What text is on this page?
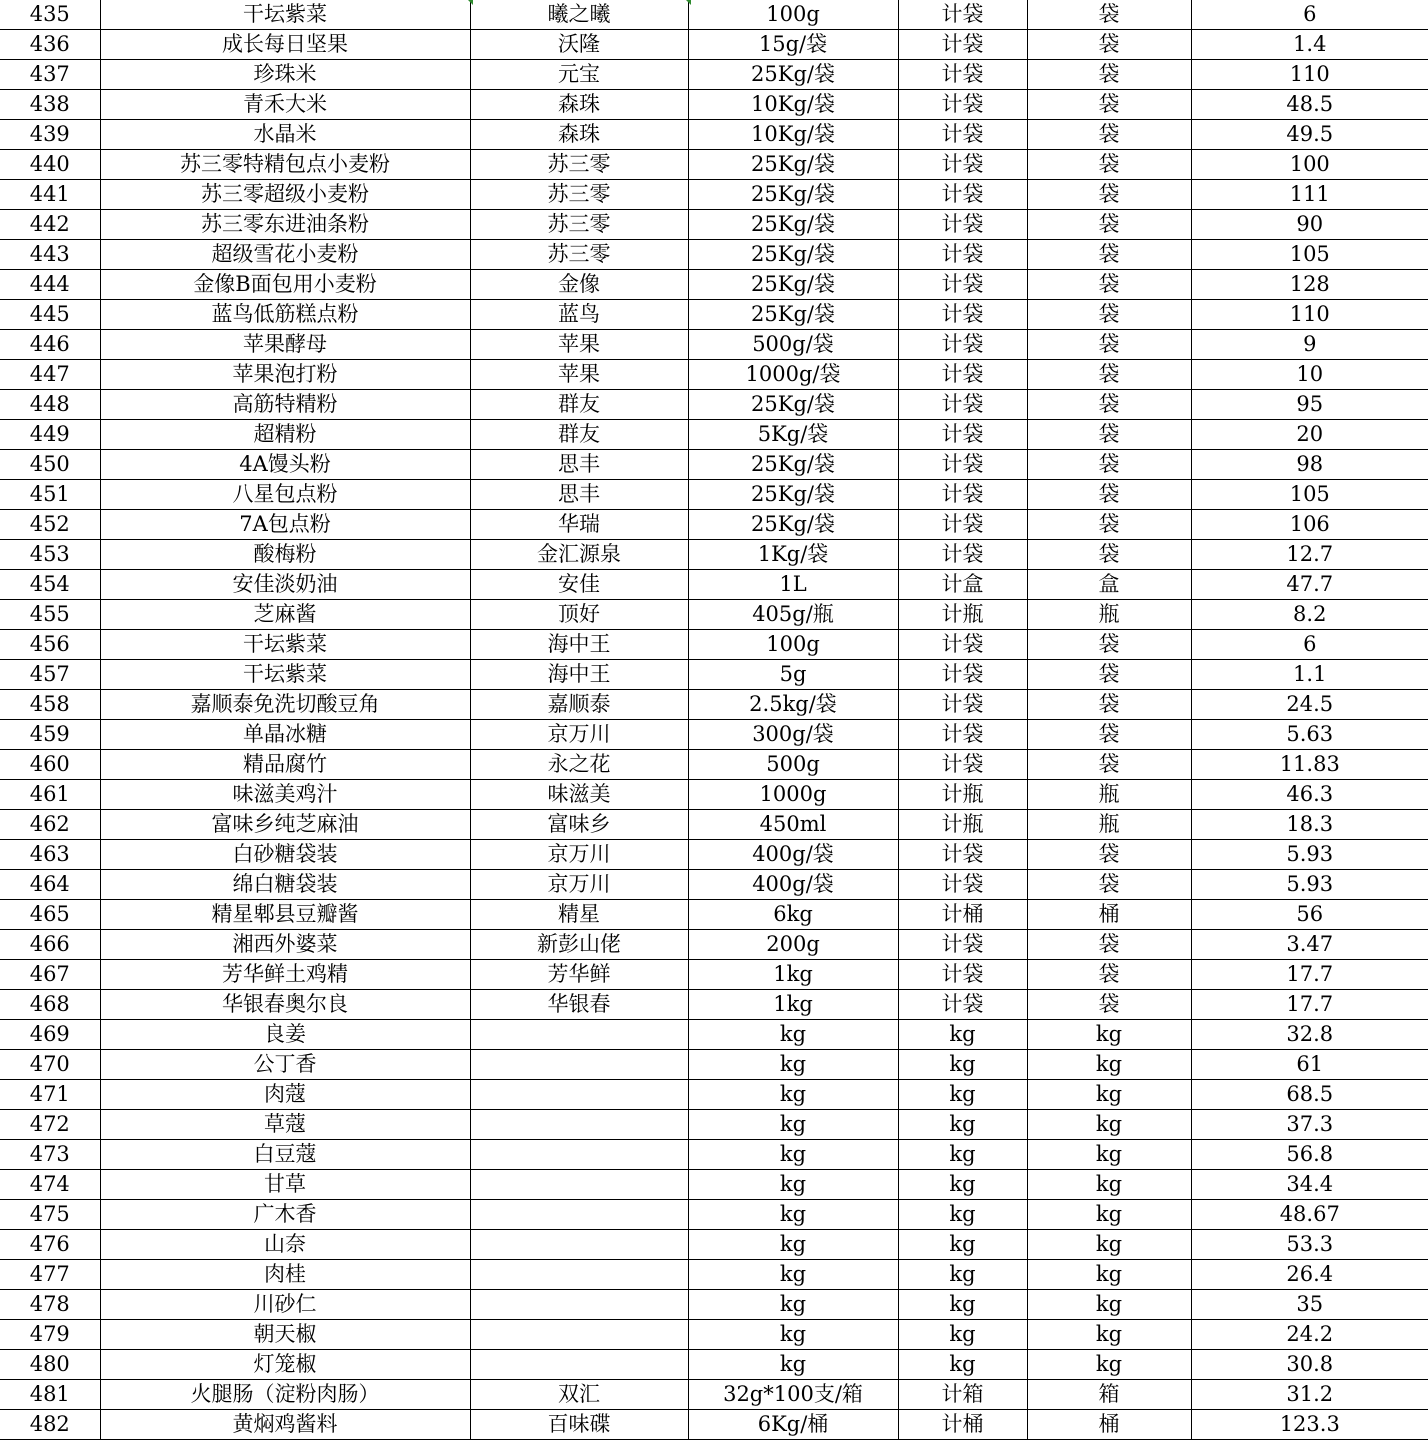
435	干坛紫菜	曦之曦	100g	计袋	袋	6
436	成长每日坚果	沃隆	15g/袋	计袋	袋	1.4
437	珍珠米	元宝	25Kg/袋	计袋	袋	110
438	青禾大米	森珠	10Kg/袋	计袋	袋	48.5
439	水晶米	森珠	10Kg/袋	计袋	袋	49.5
440	苏三零特精包点小麦粉	苏三零	25Kg/袋	计袋	袋	100
441	苏三零超级小麦粉	苏三零	25Kg/袋	计袋	袋	111
442	苏三零东进油条粉	苏三零	25Kg/袋	计袋	袋	90
443	超级雪花小麦粉	苏三零	25Kg/袋	计袋	袋	105
444	金像B面包用小麦粉	金像	25Kg/袋	计袋	袋	128
445	蓝鸟低筋糕点粉	蓝鸟	25Kg/袋	计袋	袋	110
446	苹果酵母	苹果	500g/袋	计袋	袋	9
447	苹果泡打粉	苹果	1000g/袋	计袋	袋	10
448	高筋特精粉	群友	25Kg/袋	计袋	袋	95
449	超精粉	群友	5Kg/袋	计袋	袋	20
450	4A馒头粉	思丰	25Kg/袋	计袋	袋	98
451	八星包点粉	思丰	25Kg/袋	计袋	袋	105
452	7A包点粉	华瑞	25Kg/袋	计袋	袋	106
453	酸梅粉	金汇源泉	1Kg/袋	计袋	袋	12.7
454	安佳淡奶油	安佳	1L	计盒	盒	47.7
455	芝麻酱	顶好	405g/瓶	计瓶	瓶	8.2
456	干坛紫菜	海中王	100g	计袋	袋	6
457	干坛紫菜	海中王	5g	计袋	袋	1.1
458	嘉顺泰免洗切酸豆角	嘉顺泰	2.5kg/袋	计袋	袋	24.5
459	单晶冰糖	京万川	300g/袋	计袋	袋	5.63
460	精品腐竹	永之花	500g	计袋	袋	11.83
461	味滋美鸡汁	味滋美	1000g	计瓶	瓶	46.3
462	富味乡纯芝麻油	富味乡	450ml	计瓶	瓶	18.3
463	白砂糖袋装	京万川	400g/袋	计袋	袋	5.93
464	绵白糖袋装	京万川	400g/袋	计袋	袋	5.93
465	精星郫县豆瓣酱	精星	6kg	计桶	桶	56
466	湘西外婆菜	新彭山佬	200g	计袋	袋	3.47
467	芳华鲜土鸡精	芳华鲜	1kg	计袋	袋	17.7
468	华银春奥尔良	华银春	1kg	计袋	袋	17.7
469	良姜		kg	kg	kg	32.8
470	公丁香		kg	kg	kg	61
471	肉蔻		kg	kg	kg	68.5
472	草蔻		kg	kg	kg	37.3
473	白豆蔻		kg	kg	kg	56.8
474	甘草		kg	kg	kg	34.4
475	广木香		kg	kg	kg	48.67
476	山奈		kg	kg	kg	53.3
477	肉桂		kg	kg	kg	26.4
478	川砂仁		kg	kg	kg	35
479	朝天椒		kg	kg	kg	24.2
480	灯笼椒		kg	kg	kg	30.8
481	火腿肠（淀粉肉肠）	双汇	32g*100支/箱	计箱	箱	31.2
482	黄焖鸡酱料	百味碟	6Kg/桶	计桶	桶	123.3
